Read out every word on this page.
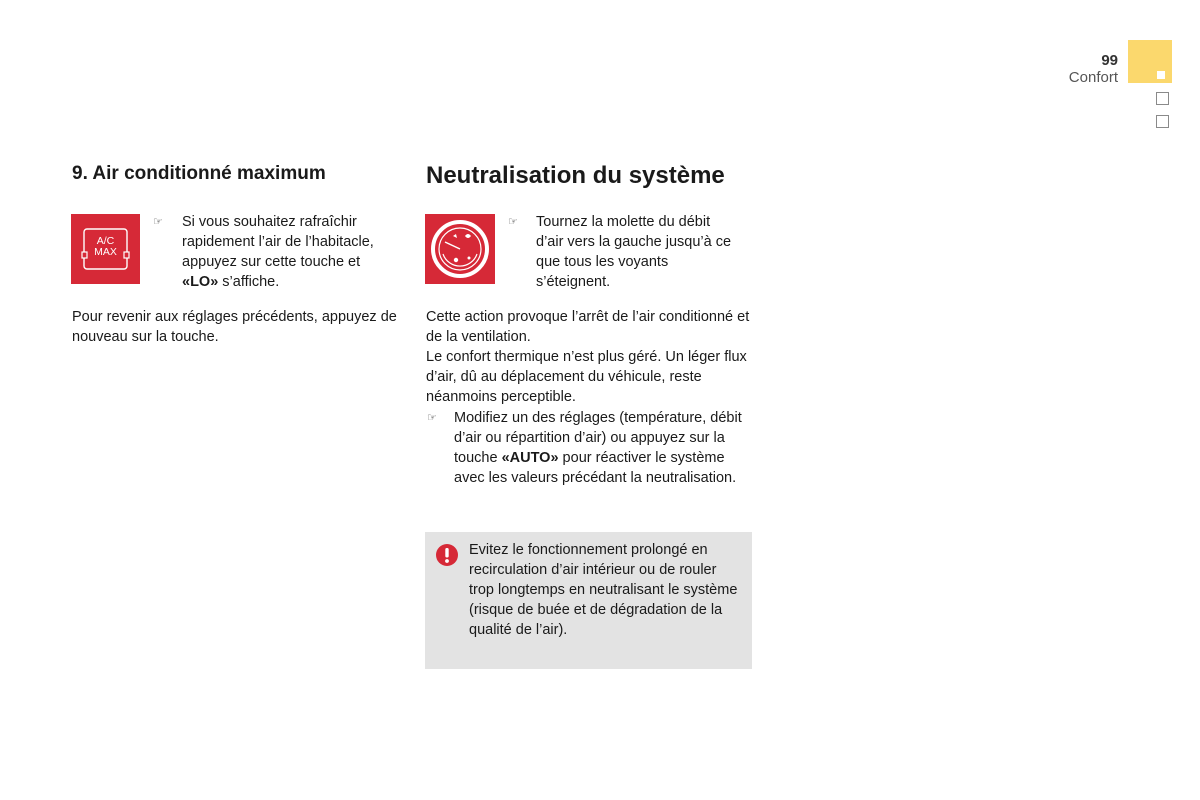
99
Confort
9. Air conditionné maximum
A/C
MAX
☞ Si vous souhaitez rafraîchir rapidement l’air de l’habitacle, appuyez sur cette touche et «LO» s’affiche.

Pour revenir aux réglages précédents, appuyez de nouveau sur la touche.

Neutralisation du système
☞ Tournez la molette du débit d’air vers la gauche jusqu’à ce que tous les voyants s’éteignent.

Cette action provoque l’arrêt de l’air conditionné et de la ventilation.

Le confort thermique n’est plus géré. Un léger flux d’air, dû au déplacement du véhicule, reste néanmoins perceptible.

☞ Modifiez un des réglages (température, débit d’air ou répartition d’air) ou appuyez sur la touche «AUTO» pour réactiver le système avec les valeurs précédant la neutralisation.

Evitez le fonctionnement prolongé en recirculation d’air intérieur ou de rouler trop longtemps en neutralisant le système (risque de buée et de dégradation de la qualité de l’air).
